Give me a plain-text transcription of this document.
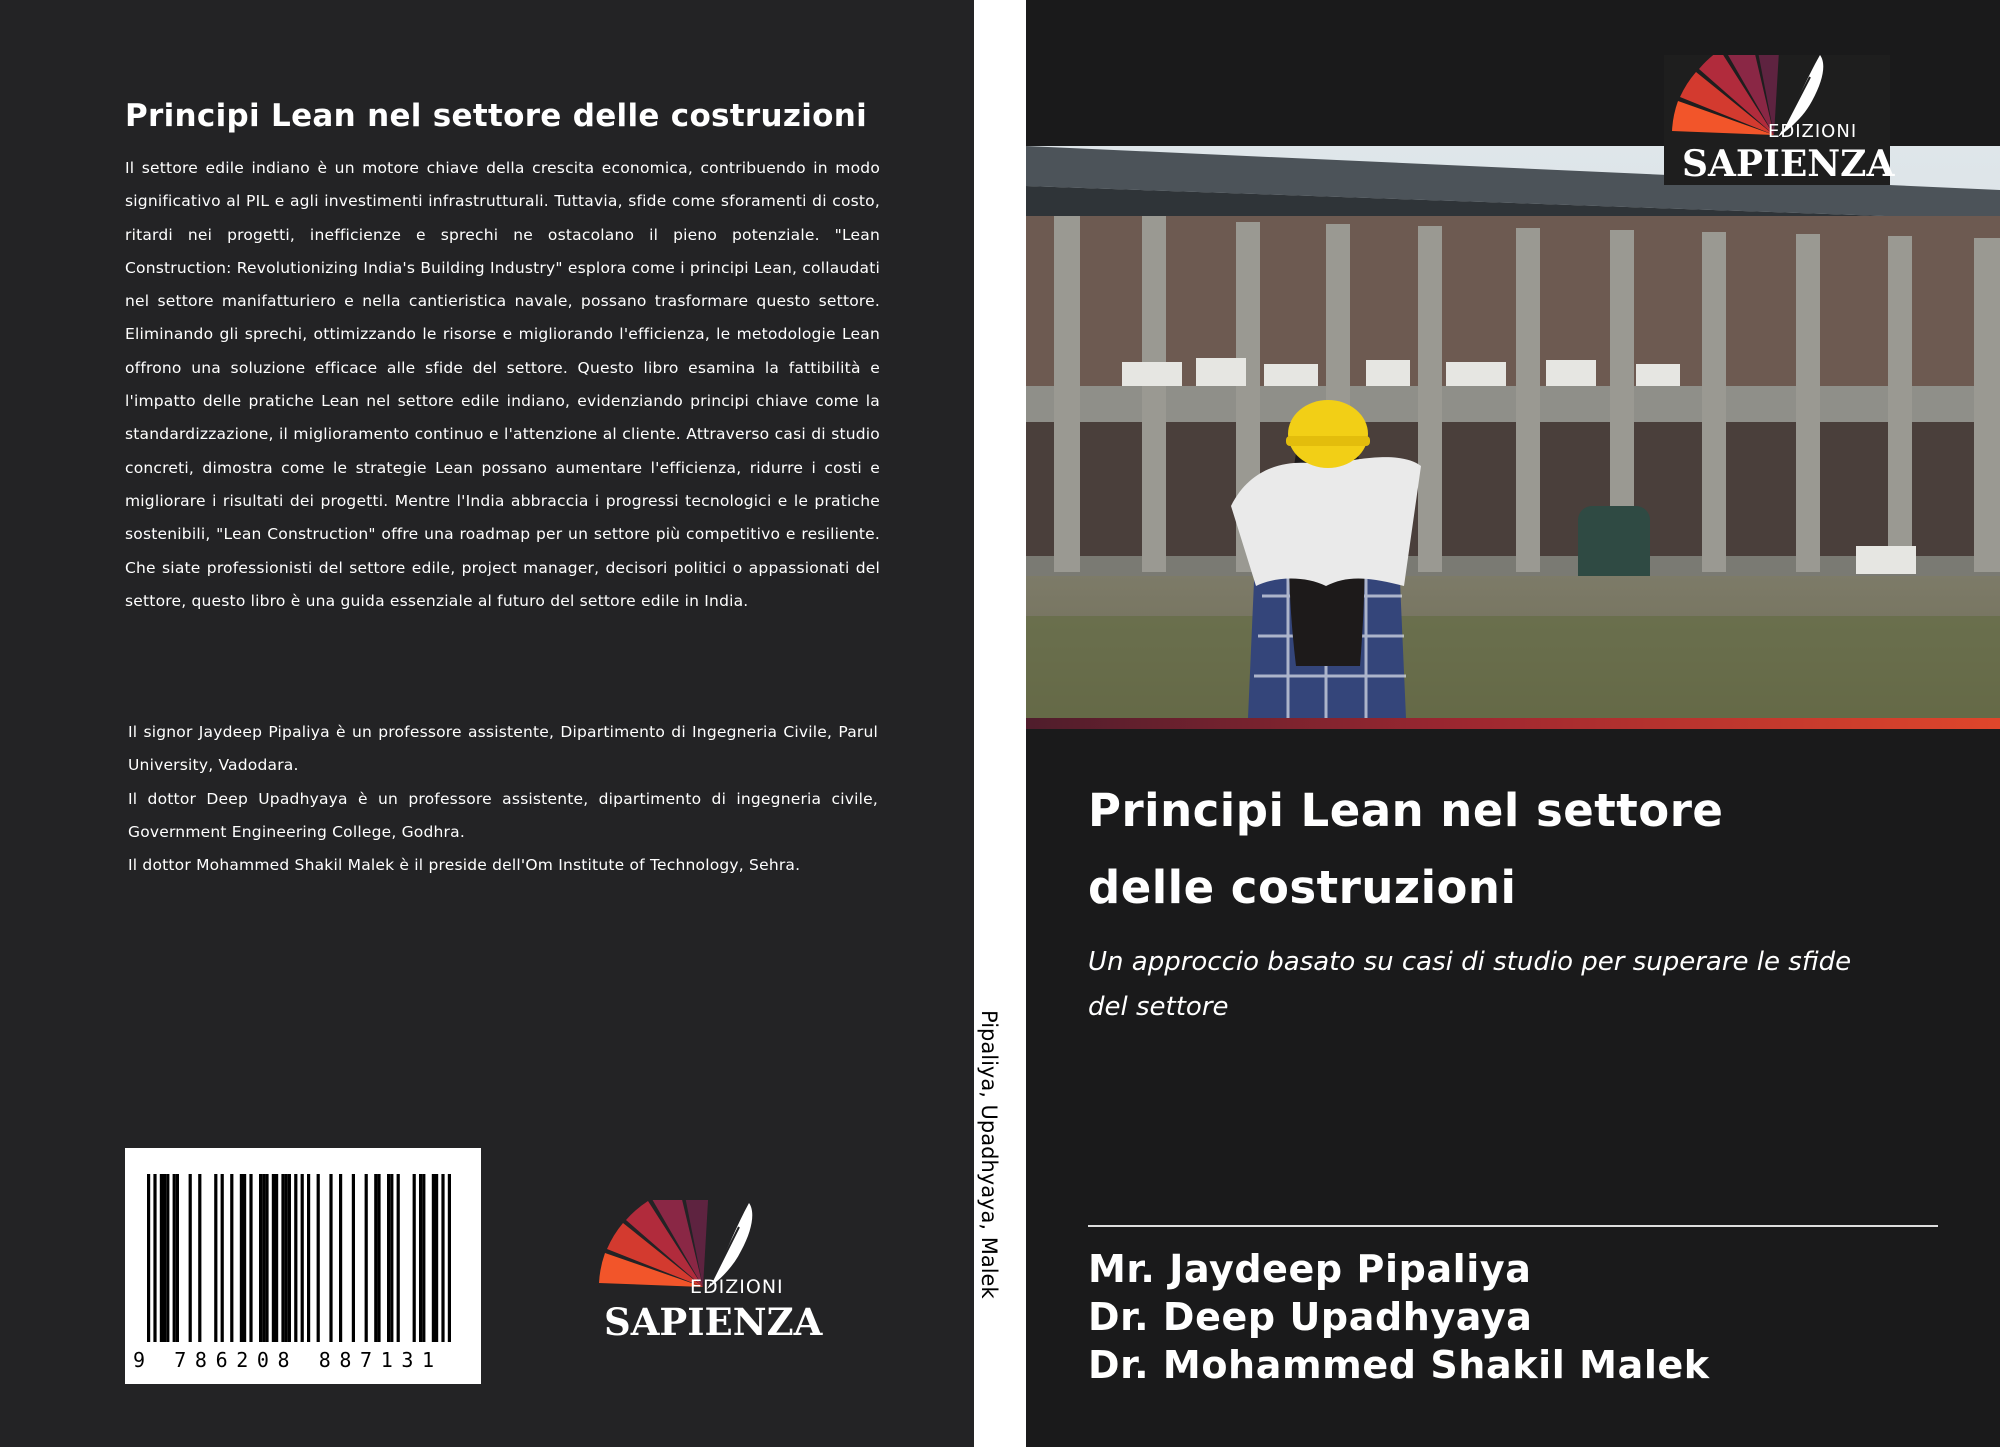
Principi Lean nel settore delle costruzioni

Il settore edile indiano è un motore chiave della crescita economica, contribuendo in modo significativo al PIL e agli investimenti infrastrutturali. Tuttavia, sfide come sforamenti di costo, ritardi nei progetti, inefficienze e sprechi ne ostacolano il pieno potenziale. "Lean Construction: Revolutionizing India's Building Industry" esplora come i principi Lean, collaudati nel settore manifatturiero e nella cantieristica navale, possano trasformare questo settore. Eliminando gli sprechi, ottimizzando le risorse e migliorando l'efficienza, le metodologie Lean offrono una soluzione efficace alle sfide del settore. Questo libro esamina la fattibilità e l'impatto delle pratiche Lean nel settore edile indiano, evidenziando principi chiave come la standardizzazione, il miglioramento continuo e l'attenzione al cliente. Attraverso casi di studio concreti, dimostra come le strategie Lean possano aumentare l'efficienza, ridurre i costi e migliorare i risultati dei progetti. Mentre l'India abbraccia i progressi tecnologici e le pratiche sostenibili, "Lean Construction" offre una roadmap per un settore più competitivo e resiliente. Che siate professionisti del settore edile, project manager, decisori politici o appassionati del settore, questo libro è una guida essenziale al futuro del settore edile in India.

Il signor Jaydeep Pipaliya è un professore assistente, Dipartimento di Ingegneria Civile, Parul University, Vadodara.

Il dottor Deep Upadhyaya è un professore assistente, dipartimento di ingegneria civile, Government Engineering College, Godhra.

Il dottor Mohammed Shakil Malek è il preside dell'Om Institute of Technology, Sehra.

9 786208 887131
EDIZIONI
SAPIENZA
Pipaliya, Upadhyaya, Malek
EDIZIONI
SAPIENZA
Principi Lean nel settore
delle costruzioni

Un approccio basato su casi di studio per superare le sfide del settore

Mr. Jaydeep Pipaliya
Dr. Deep Upadhyaya
Dr. Mohammed Shakil Malek
